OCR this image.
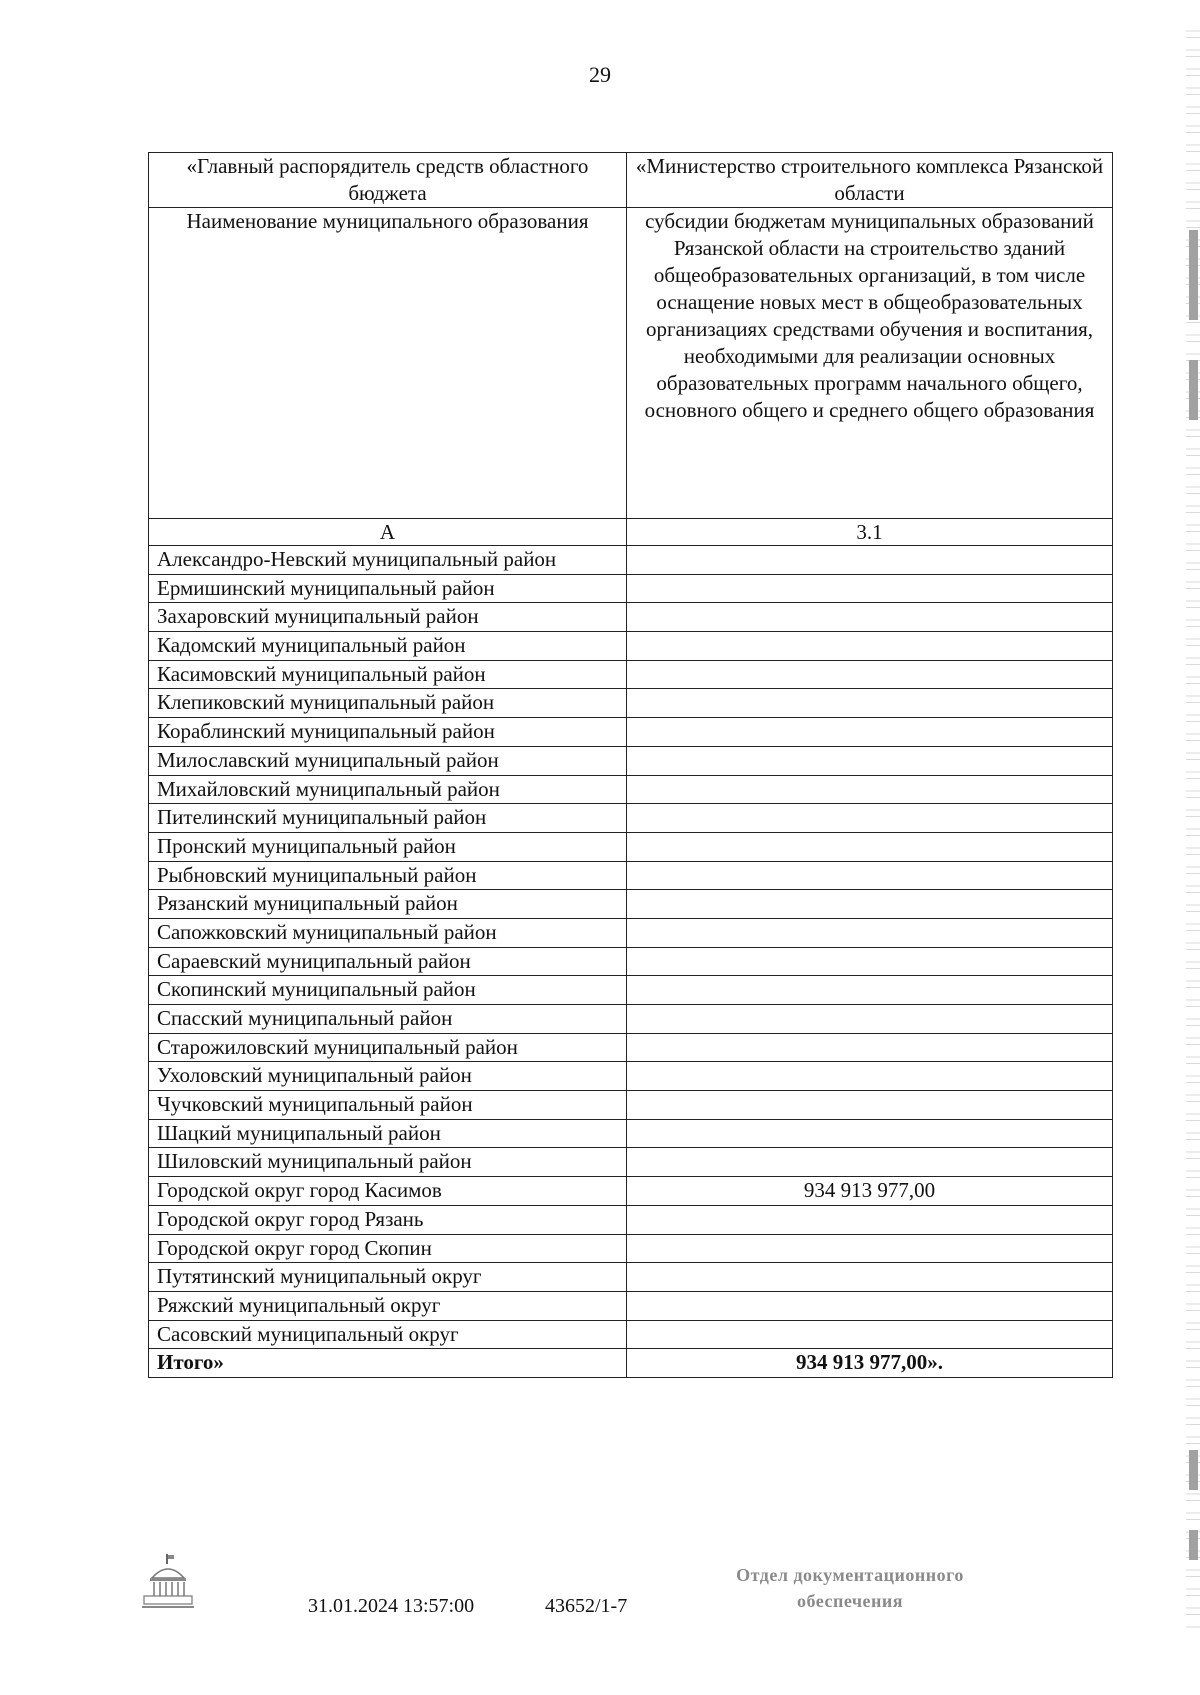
29
«Главный распорядитель средств областного бюджета	«Министерство строительного комплекса Рязанской области
Наименование муниципального образования	субсидии бюджетам муниципальных образований Рязанской области на строительство зданий общеобразовательных организаций, в том числе оснащение новых мест в общеобразовательных организациях средствами обучения и воспитания, необходимыми для реализации основных образовательных программ начального общего, основного общего и среднего общего образования
А	3.1
Александро-Невский муниципальный район	
Ермишинский муниципальный район	
Захаровский муниципальный район	
Кадомский муниципальный район	
Касимовский муниципальный район	
Клепиковский муниципальный район	
Кораблинский муниципальный район	
Милославский муниципальный район	
Михайловский муниципальный район	
Пителинский муниципальный район	
Пронский муниципальный район	
Рыбновский муниципальный район	
Рязанский муниципальный район	
Сапожковский муниципальный район	
Сараевский муниципальный район	
Скопинский муниципальный район	
Спасский муниципальный район	
Старожиловский муниципальный район	
Ухоловский муниципальный район	
Чучковский муниципальный район	
Шацкий муниципальный район	
Шиловский муниципальный район	
Городской округ город Касимов	934 913 977,00
Городской округ город Рязань	
Городской округ город Скопин	
Путятинский муниципальный округ	
Ряжский муниципальный округ	
Сасовский муниципальный округ	
Итого»	934 913 977,00».
31.01.2024 13:57:00	43652/1-7
Отдел документационного
обеспечения
